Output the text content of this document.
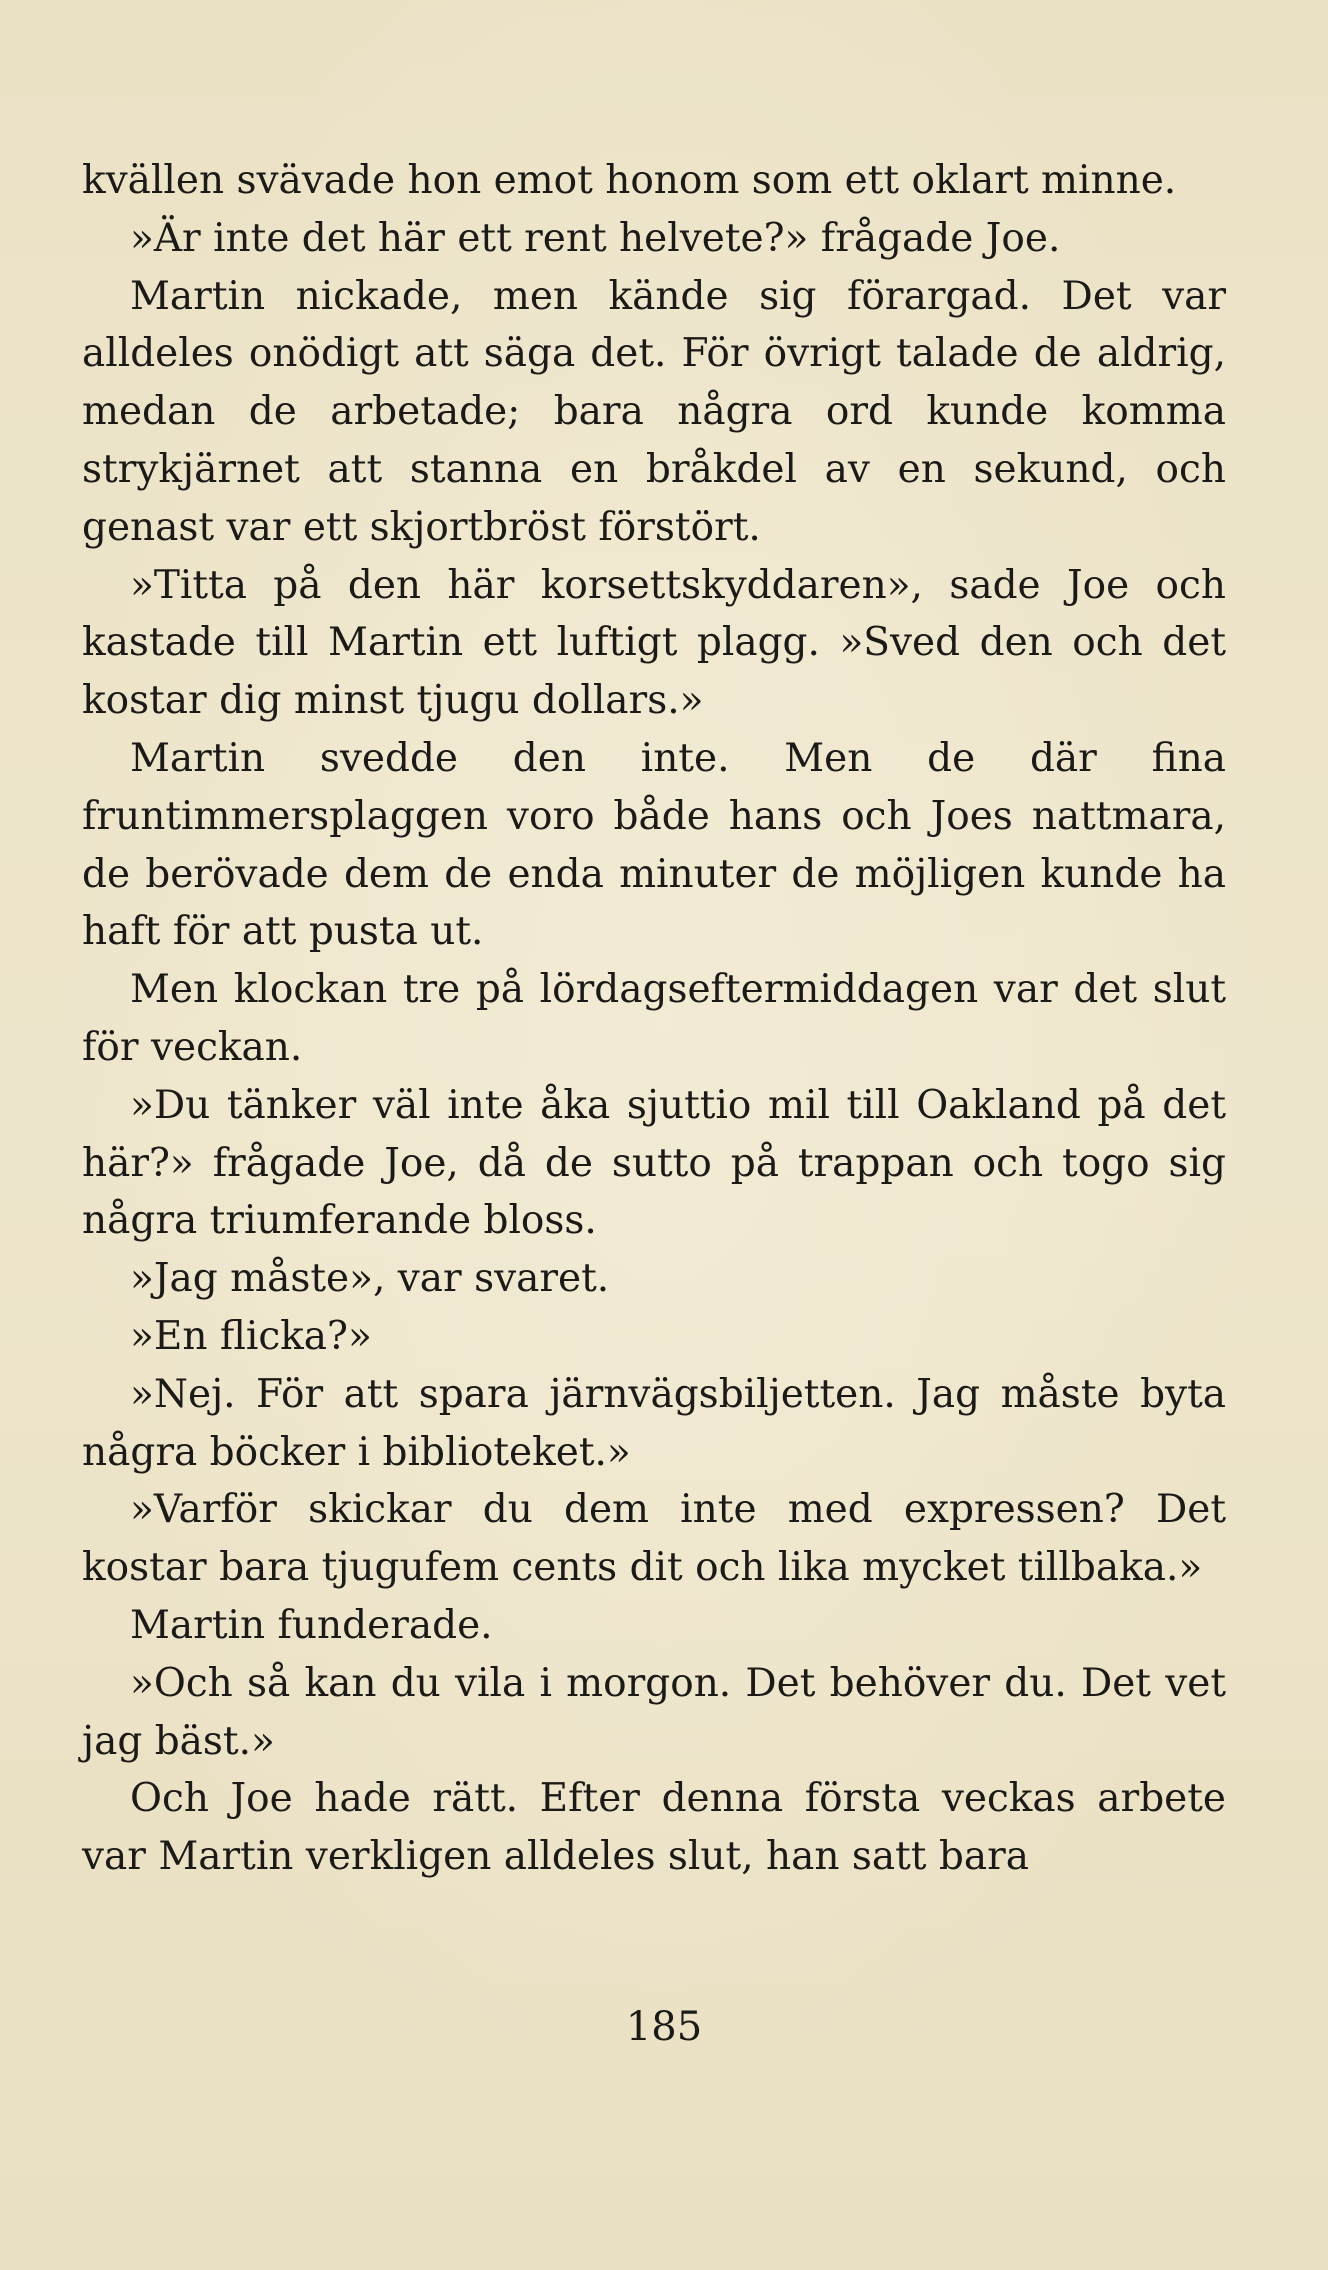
kvällen svävade hon emot honom som ett oklart minne.

»Är inte det här ett rent helvete?» frågade Joe.

Martin nickade, men kände sig förargad. Det var alldeles onödigt att säga det. För övrigt talade de aldrig, medan de arbetade; bara några ord kunde komma strykjärnet att stanna en bråkdel av en sekund, och genast var ett skjortbröst förstört.

»Titta på den här korsettskyddaren», sade Joe och kastade till Martin ett luftigt plagg. »Sved den och det kostar dig minst tjugu dollars.»

Martin svedde den inte. Men de där fina fruntimmersplaggen voro både hans och Joes nattmara, de berövade dem de enda minuter de möjligen kunde ha haft för att pusta ut.

Men klockan tre på lördagseftermiddagen var det slut för veckan.

»Du tänker väl inte åka sjuttio mil till Oakland på det här?» frågade Joe, då de sutto på trappan och togo sig några triumferande bloss.

»Jag måste», var svaret.

»En flicka?»

»Nej. För att spara järnvägsbiljetten. Jag måste byta några böcker i biblioteket.»

»Varför skickar du dem inte med expressen? Det kostar bara tjugufem cents dit och lika mycket tillbaka.»

Martin funderade.

»Och så kan du vila i morgon. Det behöver du. Det vet jag bäst.»

Och Joe hade rätt. Efter denna första veckas arbete var Martin verkligen alldeles slut, han satt bara

185
